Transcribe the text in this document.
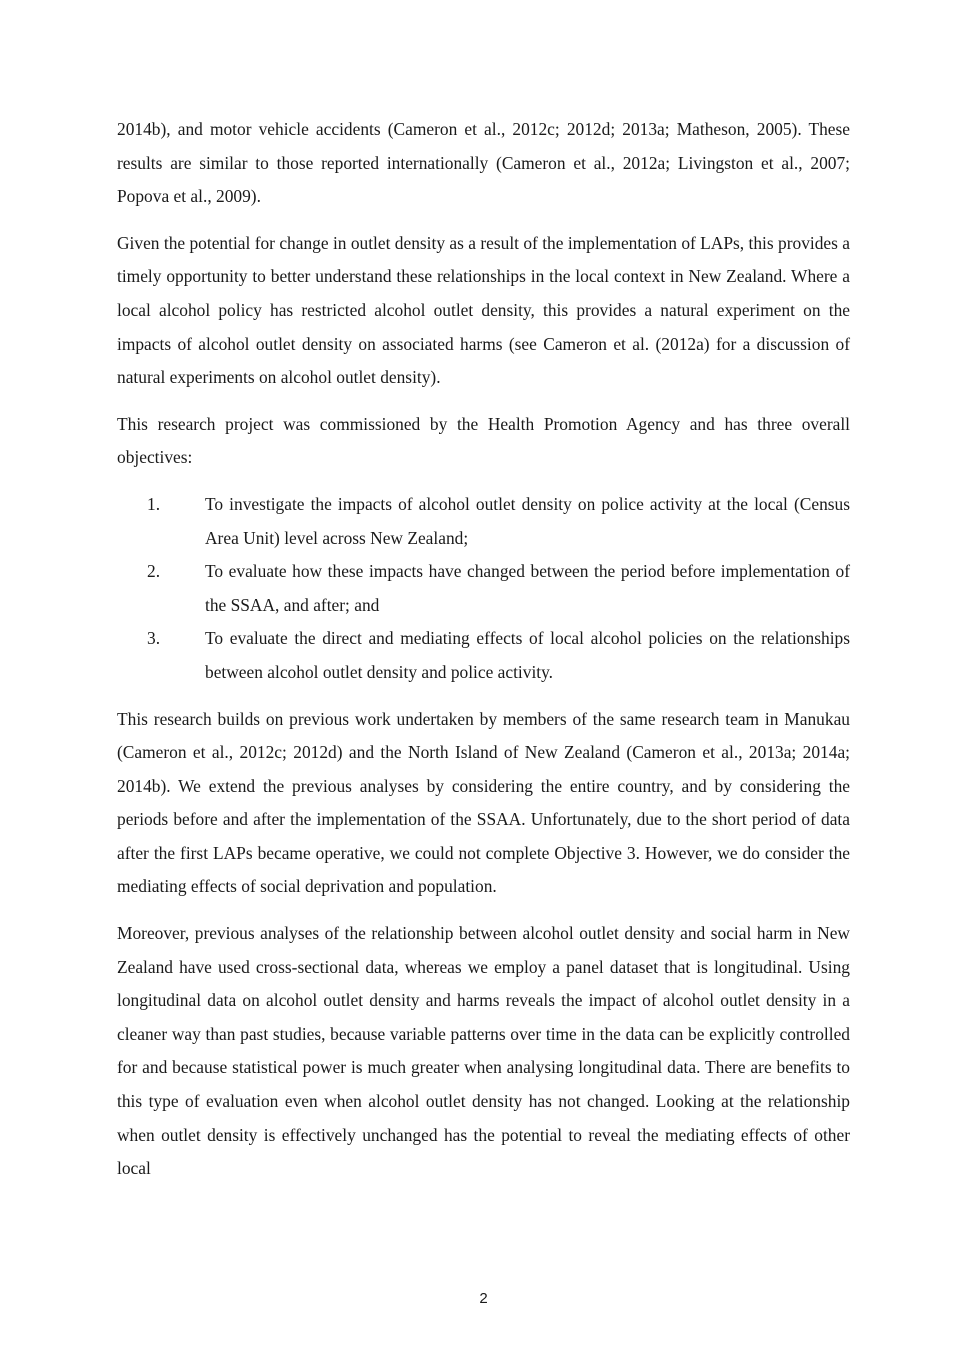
2014b), and motor vehicle accidents (Cameron et al., 2012c; 2012d; 2013a; Matheson, 2005). These results are similar to those reported internationally (Cameron et al., 2012a; Livingston et al., 2007; Popova et al., 2009).

Given the potential for change in outlet density as a result of the implementation of LAPs, this provides a timely opportunity to better understand these relationships in the local context in New Zealand. Where a local alcohol policy has restricted alcohol outlet density, this provides a natural experiment on the impacts of alcohol outlet density on associated harms (see Cameron et al. (2012a) for a discussion of natural experiments on alcohol outlet density).

This research project was commissioned by the Health Promotion Agency and has three overall objectives:

1.	To investigate the impacts of alcohol outlet density on police activity at the local (Census Area Unit) level across New Zealand;
2.	To evaluate how these impacts have changed between the period before implementation of the SSAA, and after; and
3.	To evaluate the direct and mediating effects of local alcohol policies on the relationships between alcohol outlet density and police activity.

This research builds on previous work undertaken by members of the same research team in Manukau (Cameron et al., 2012c; 2012d) and the North Island of New Zealand (Cameron et al., 2013a; 2014a; 2014b). We extend the previous analyses by considering the entire country, and by considering the periods before and after the implementation of the SSAA. Unfortunately, due to the short period of data after the first LAPs became operative, we could not complete Objective 3. However, we do consider the mediating effects of social deprivation and population.

Moreover, previous analyses of the relationship between alcohol outlet density and social harm in New Zealand have used cross-sectional data, whereas we employ a panel dataset that is longitudinal. Using longitudinal data on alcohol outlet density and harms reveals the impact of alcohol outlet density in a cleaner way than past studies, because variable patterns over time in the data can be explicitly controlled for and because statistical power is much greater when analysing longitudinal data. There are benefits to this type of evaluation even when alcohol outlet density has not changed. Looking at the relationship when outlet density is effectively unchanged has the potential to reveal the mediating effects of other local

2
